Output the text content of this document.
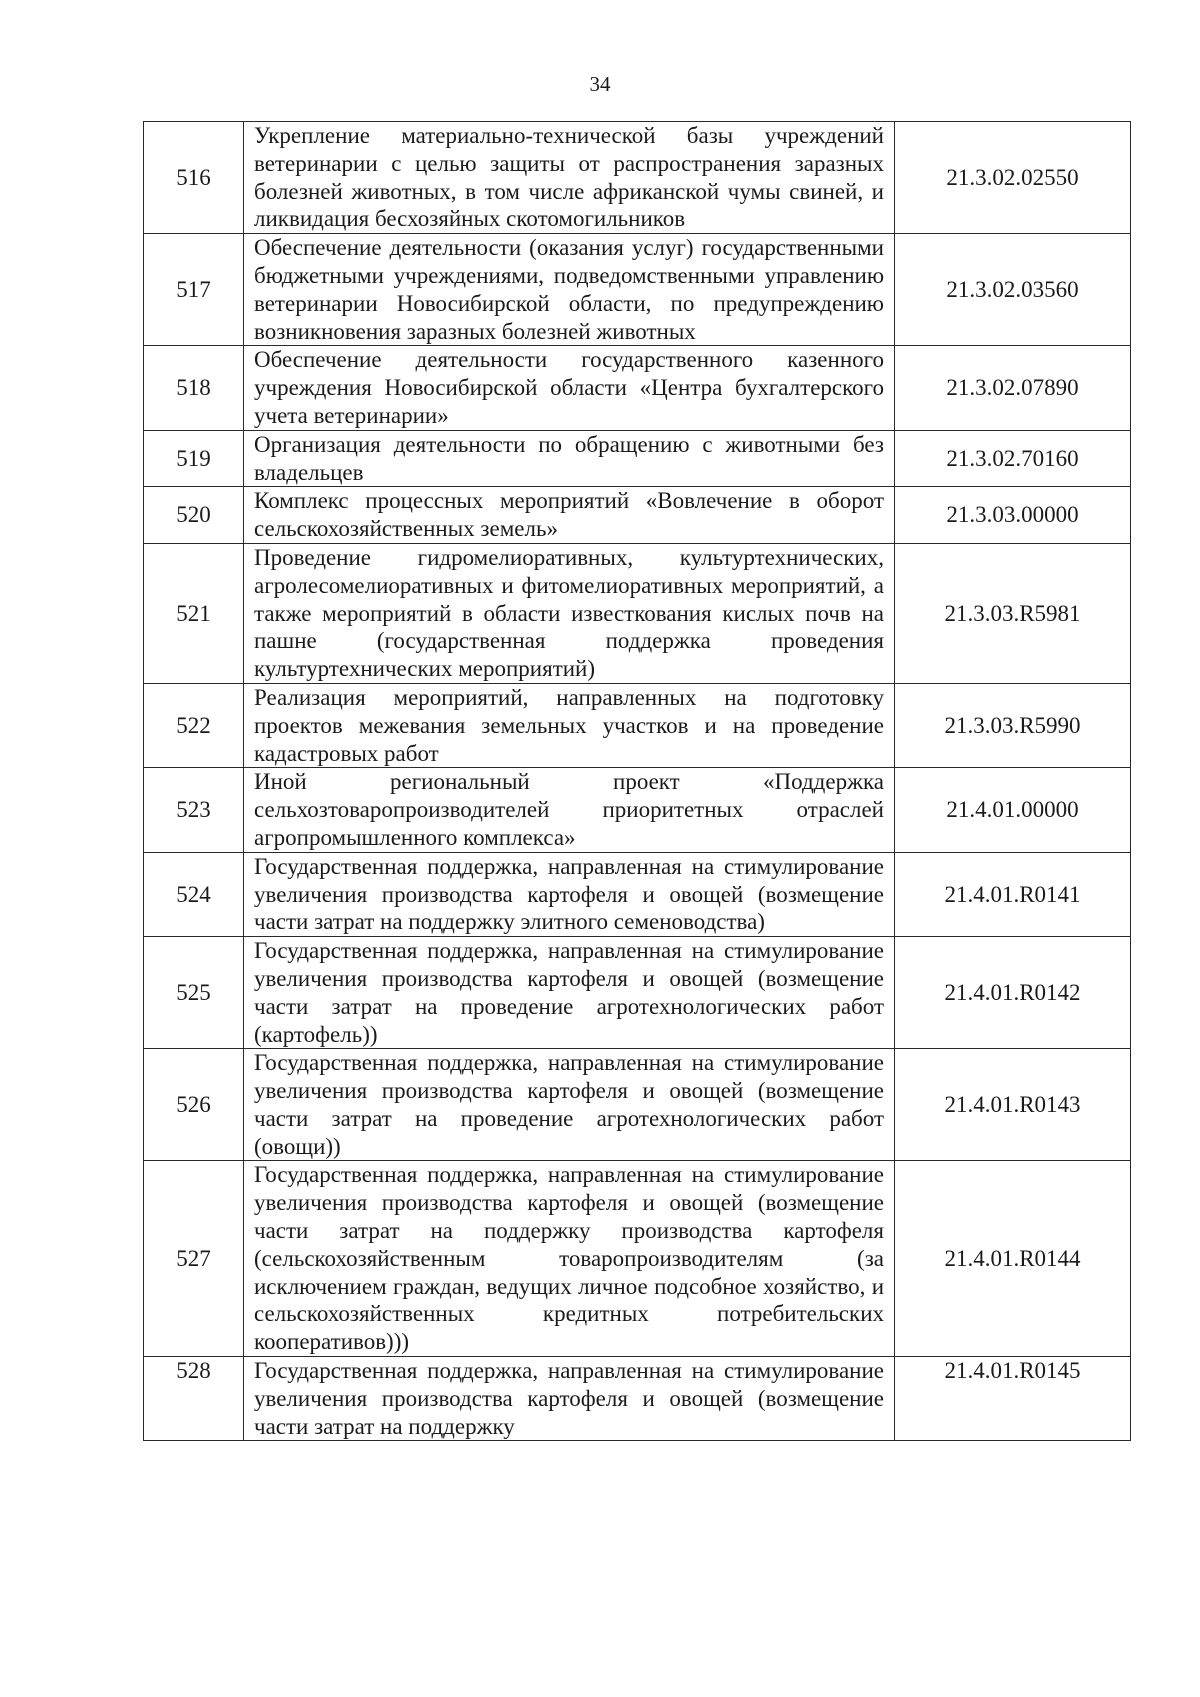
34
516	Укрепление материально-технической базы учреждений ветеринарии с целью защиты от распространения заразных болезней животных, в том числе африканской чумы свиней, и ликвидация бесхозяйных скотомогильников	21.3.02.02550
517	Обеспечение деятельности (оказания услуг) государственными бюджетными учреждениями, подведомственными управлению ветеринарии Новосибирской области, по предупреждению возникновения заразных болезней животных	21.3.02.03560
518	Обеспечение деятельности государственного казенного учреждения Новосибирской области «Центра бухгалтерского учета ветеринарии»	21.3.02.07890
519	Организация деятельности по обращению с животными без владельцев	21.3.02.70160
520	Комплекс процессных мероприятий «Вовлечение в оборот сельскохозяйственных земель»	21.3.03.00000
521	Проведение гидромелиоративных, культуртехнических, агролесомелиоративных и фитомелиоративных мероприятий, а также мероприятий в области известкования кислых почв на пашне (государственная поддержка проведения культуртехнических мероприятий)	21.3.03.R5981
522	Реализация мероприятий, направленных на подготовку проектов межевания земельных участков и на проведение кадастровых работ	21.3.03.R5990
523	Иной региональный проект «Поддержка сельхозтоваропроизводителей приоритетных отраслей агропромышленного комплекса»	21.4.01.00000
524	Государственная поддержка, направленная на стимулирование увеличения производства картофеля и овощей (возмещение части затрат на поддержку элитного семеноводства)	21.4.01.R0141
525	Государственная поддержка, направленная на стимулирование увеличения производства картофеля и овощей (возмещение части затрат на проведение агротехнологических работ (картофель))	21.4.01.R0142
526	Государственная поддержка, направленная на стимулирование увеличения производства картофеля и овощей (возмещение части затрат на проведение агротехнологических работ (овощи))	21.4.01.R0143
527	Государственная поддержка, направленная на стимулирование увеличения производства картофеля и овощей (возмещение части затрат на поддержку производства картофеля (сельскохозяйственным товаропроизводителям (за исключением граждан, ведущих личное подсобное хозяйство, и сельскохозяйственных кредитных потребительских кооперативов)))	21.4.01.R0144
528	Государственная поддержка, направленная на стимулирование увеличения производства картофеля и овощей (возмещение части затрат на поддержку	21.4.01.R0145
